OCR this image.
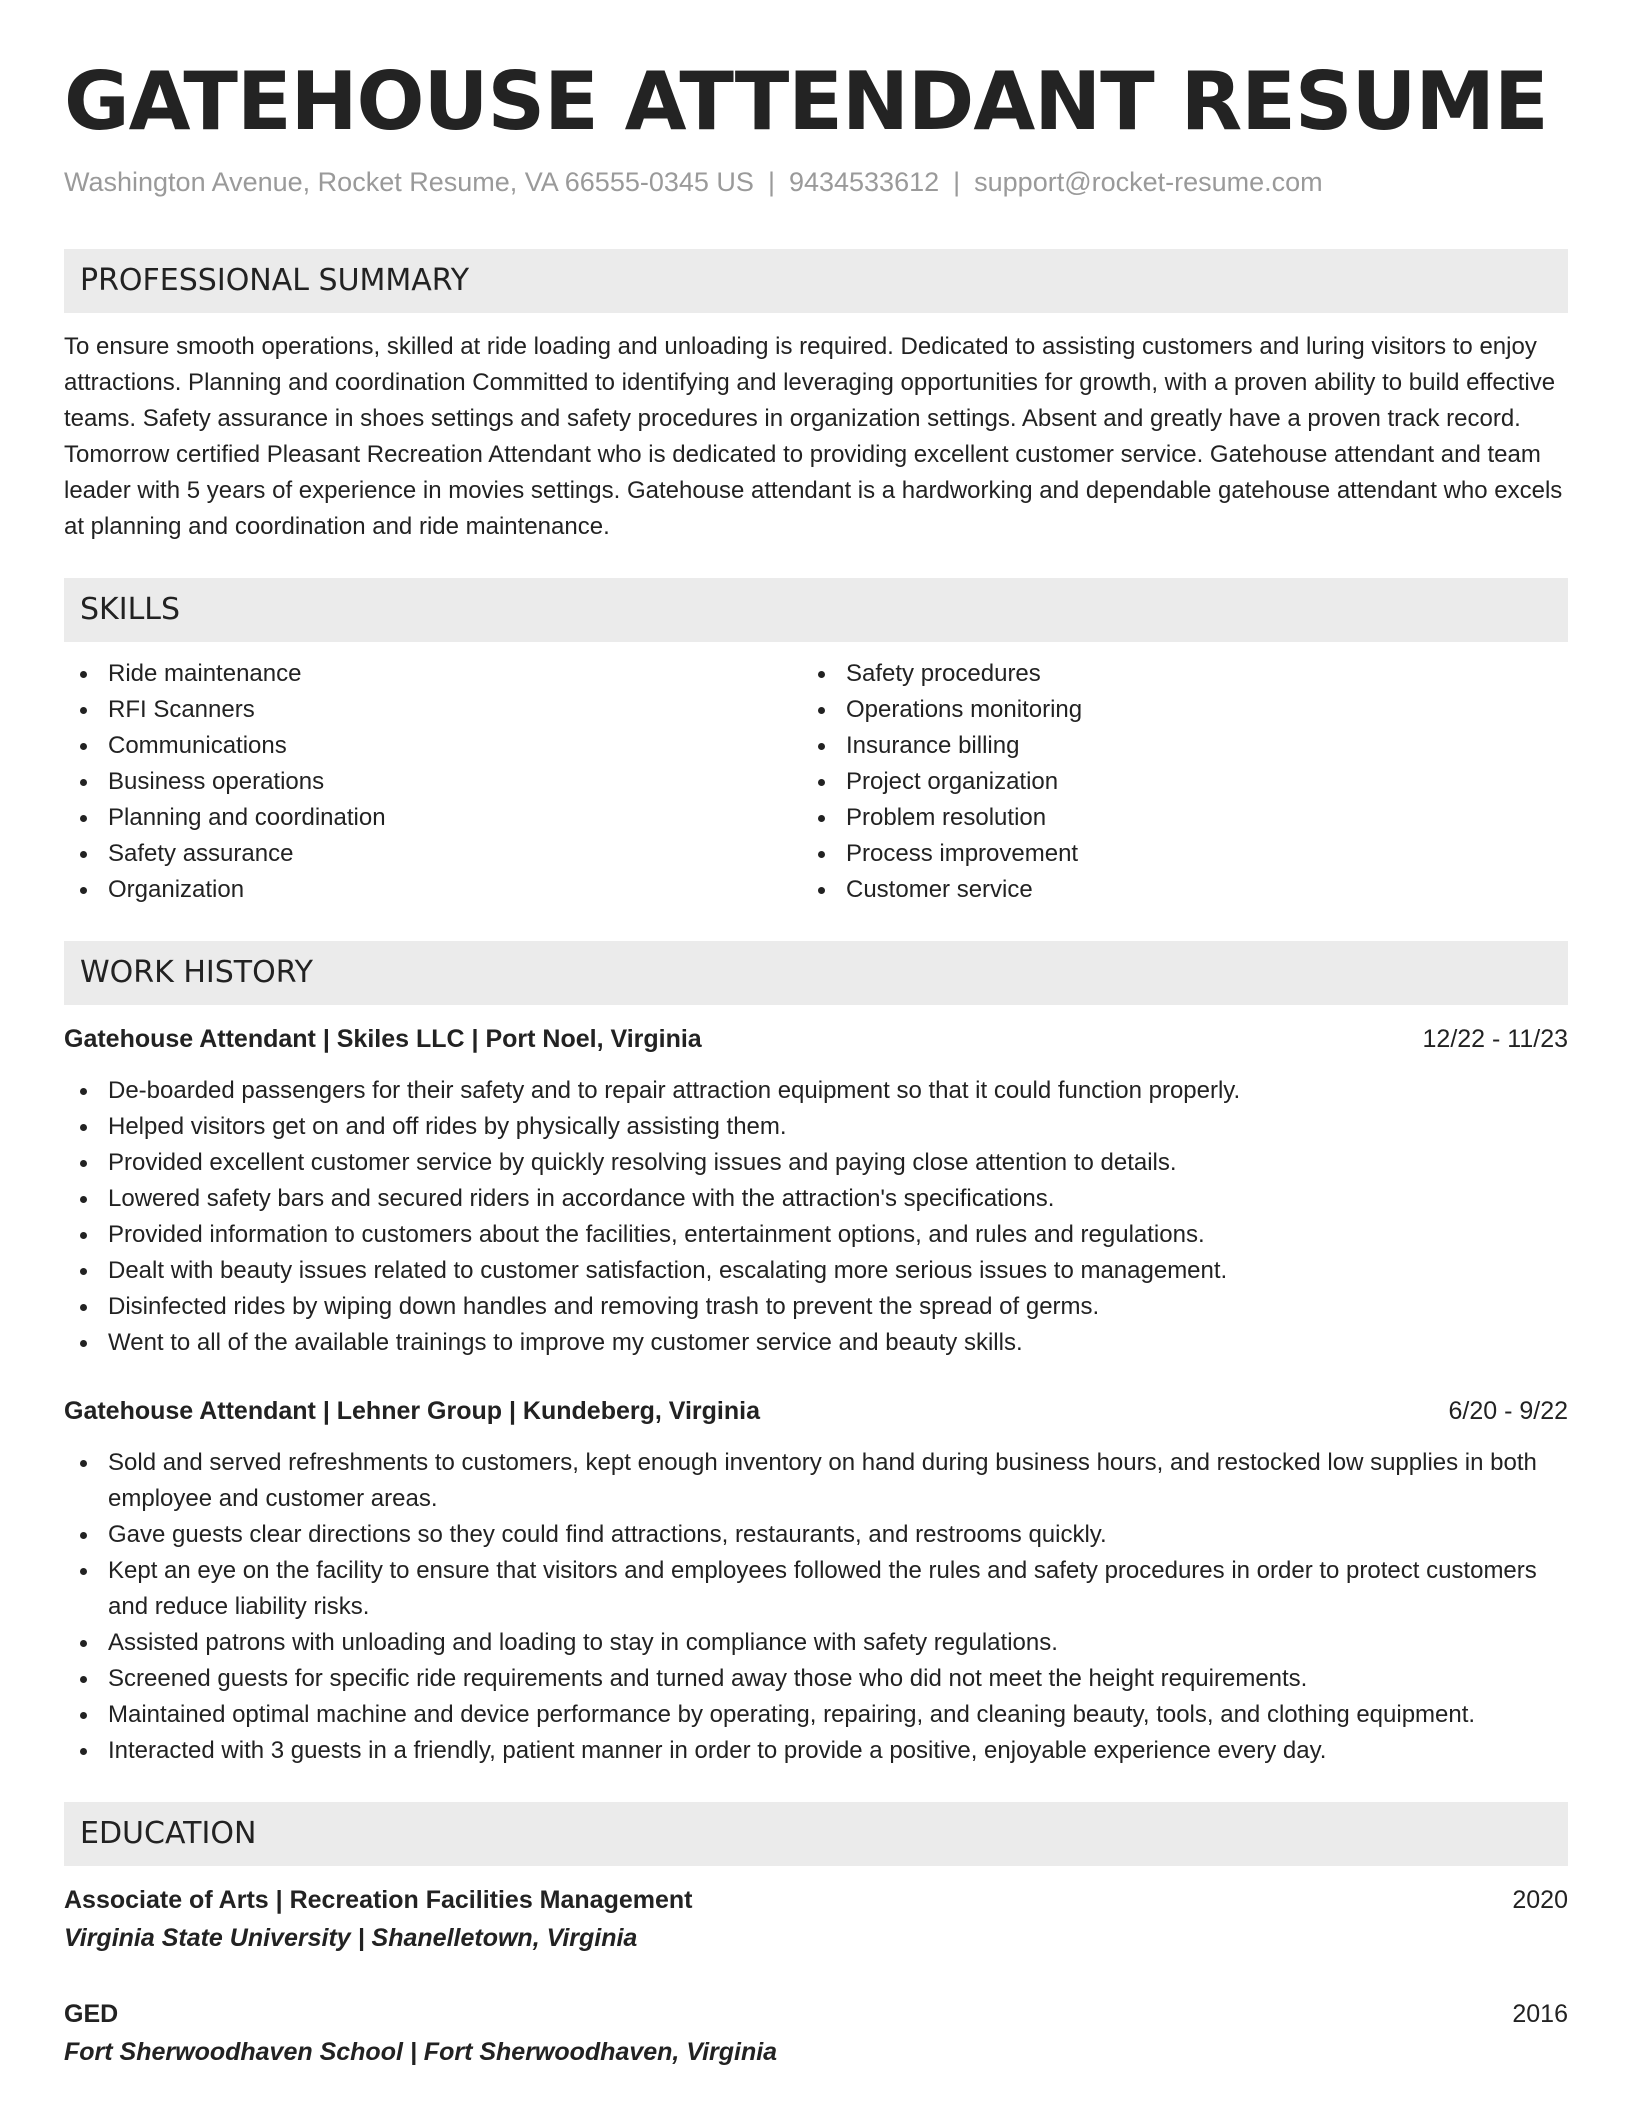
GATEHOUSE ATTENDANT RESUME
Washington Avenue, Rocket Resume, VA 66555-0345 US | 9434533612 | support@rocket-resume.com
PROFESSIONAL SUMMARY

To ensure smooth operations, skilled at ride loading and unloading is required. Dedicated to assisting customers and luring visitors to enjoy attractions. Planning and coordination Committed to identifying and leveraging opportunities for growth, with a proven ability to build effective teams. Safety assurance in shoes settings and safety procedures in organization settings. Absent and greatly have a proven track record. Tomorrow certified Pleasant Recreation Attendant who is dedicated to providing excellent customer service. Gatehouse attendant and team leader with 5 years of experience in movies settings. Gatehouse attendant is a hardworking and dependable gatehouse attendant who excels at planning and coordination and ride maintenance.

SKILLS
Ride maintenance
RFI Scanners
Communications
Business operations
Planning and coordination
Safety assurance
Organization
Safety procedures
Operations monitoring
Insurance billing
Project organization
Problem resolution
Process improvement
Customer service
WORK HISTORY
Gatehouse Attendant | Skiles LLC | Port Noel, Virginia	12/22 - 11/23
De-boarded passengers for their safety and to repair attraction equipment so that it could function properly.
Helped visitors get on and off rides by physically assisting them.
Provided excellent customer service by quickly resolving issues and paying close attention to details.
Lowered safety bars and secured riders in accordance with the attraction's specifications.
Provided information to customers about the facilities, entertainment options, and rules and regulations.
Dealt with beauty issues related to customer satisfaction, escalating more serious issues to management.
Disinfected rides by wiping down handles and removing trash to prevent the spread of germs.
Went to all of the available trainings to improve my customer service and beauty skills.
Gatehouse Attendant | Lehner Group | Kundeberg, Virginia	6/20 - 9/22
Sold and served refreshments to customers, kept enough inventory on hand during business hours, and restocked low supplies in both employee and customer areas.
Gave guests clear directions so they could find attractions, restaurants, and restrooms quickly.
Kept an eye on the facility to ensure that visitors and employees followed the rules and safety procedures in order to protect customers and reduce liability risks.
Assisted patrons with unloading and loading to stay in compliance with safety regulations.
Screened guests for specific ride requirements and turned away those who did not meet the height requirements.
Maintained optimal machine and device performance by operating, repairing, and cleaning beauty, tools, and clothing equipment.
Interacted with 3 guests in a friendly, patient manner in order to provide a positive, enjoyable experience every day.
EDUCATION
Associate of Arts | Recreation Facilities Management	2020
Virginia State University | Shanelletown, Virginia
GED	2016
Fort Sherwoodhaven School | Fort Sherwoodhaven, Virginia
